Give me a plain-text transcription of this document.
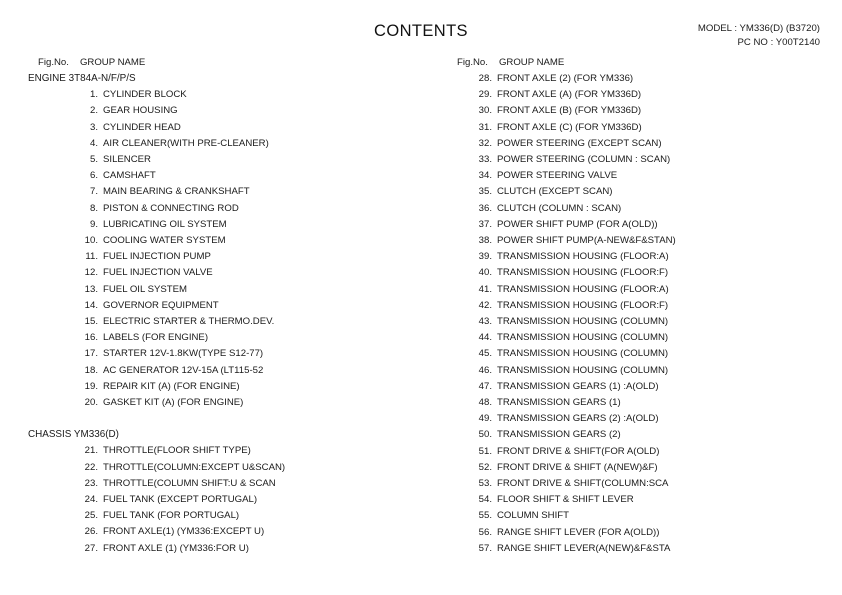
CONTENTS	MODEL : YM336(D) (B3720)
PC NO : Y00T2140
Fig.No. GROUP NAME
ENGINE 3T84A-N/F/P/S
1. CYLINDER BLOCK
2. GEAR HOUSING
3. CYLINDER HEAD
4. AIR CLEANER(WITH PRE-CLEANER)
5. SILENCER
6. CAMSHAFT
7. MAIN BEARING & CRANKSHAFT
8. PISTON & CONNECTING ROD
9. LUBRICATING OIL SYSTEM
10. COOLING WATER SYSTEM
11. FUEL INJECTION PUMP
12. FUEL INJECTION VALVE
13. FUEL OIL SYSTEM
14. GOVERNOR EQUIPMENT
15. ELECTRIC STARTER & THERMO.DEV.
16. LABELS (FOR ENGINE)
17. STARTER 12V-1.8KW(TYPE S12-77)
18. AC GENERATOR 12V-15A (LT115-52
19. REPAIR KIT (A) (FOR ENGINE)
20. GASKET KIT (A) (FOR ENGINE)
CHASSIS YM336(D)
21. THROTTLE(FLOOR SHIFT TYPE)
22. THROTTLE(COLUMN:EXCEPT U&SCAN)
23. THROTTLE(COLUMN SHIFT:U & SCAN
24. FUEL TANK (EXCEPT PORTUGAL)
25. FUEL TANK (FOR PORTUGAL)
26. FRONT AXLE(1) (YM336:EXCEPT U)
27. FRONT AXLE (1) (YM336:FOR U)
Fig.No. GROUP NAME
28. FRONT AXLE (2) (FOR YM336)
29. FRONT AXLE (A) (FOR YM336D)
30. FRONT AXLE (B) (FOR YM336D)
31. FRONT AXLE (C) (FOR YM336D)
32. POWER STEERING (EXCEPT SCAN)
33. POWER STEERING (COLUMN : SCAN)
34. POWER STEERING VALVE
35. CLUTCH (EXCEPT SCAN)
36. CLUTCH (COLUMN : SCAN)
37. POWER SHIFT PUMP (FOR A(OLD))
38. POWER SHIFT PUMP(A-NEW&F&STAN)
39. TRANSMISSION HOUSING (FLOOR:A)
40. TRANSMISSION HOUSING (FLOOR:F)
41. TRANSMISSION HOUSING (FLOOR:A)
42. TRANSMISSION HOUSING (FLOOR:F)
43. TRANSMISSION HOUSING (COLUMN)
44. TRANSMISSION HOUSING (COLUMN)
45. TRANSMISSION HOUSING (COLUMN)
46. TRANSMISSION HOUSING (COLUMN)
47. TRANSMISSION GEARS (1) :A(OLD)
48. TRANSMISSION GEARS (1)
49. TRANSMISSION GEARS (2) :A(OLD)
50. TRANSMISSION GEARS (2)
51. FRONT DRIVE & SHIFT(FOR A(OLD)
52. FRONT DRIVE & SHIFT (A(NEW)&F)
53. FRONT DRIVE & SHIFT(COLUMN:SCA
54. FLOOR SHIFT & SHIFT LEVER
55. COLUMN SHIFT
56. RANGE SHIFT LEVER (FOR A(OLD))
57. RANGE SHIFT LEVER(A(NEW)&F&STA
